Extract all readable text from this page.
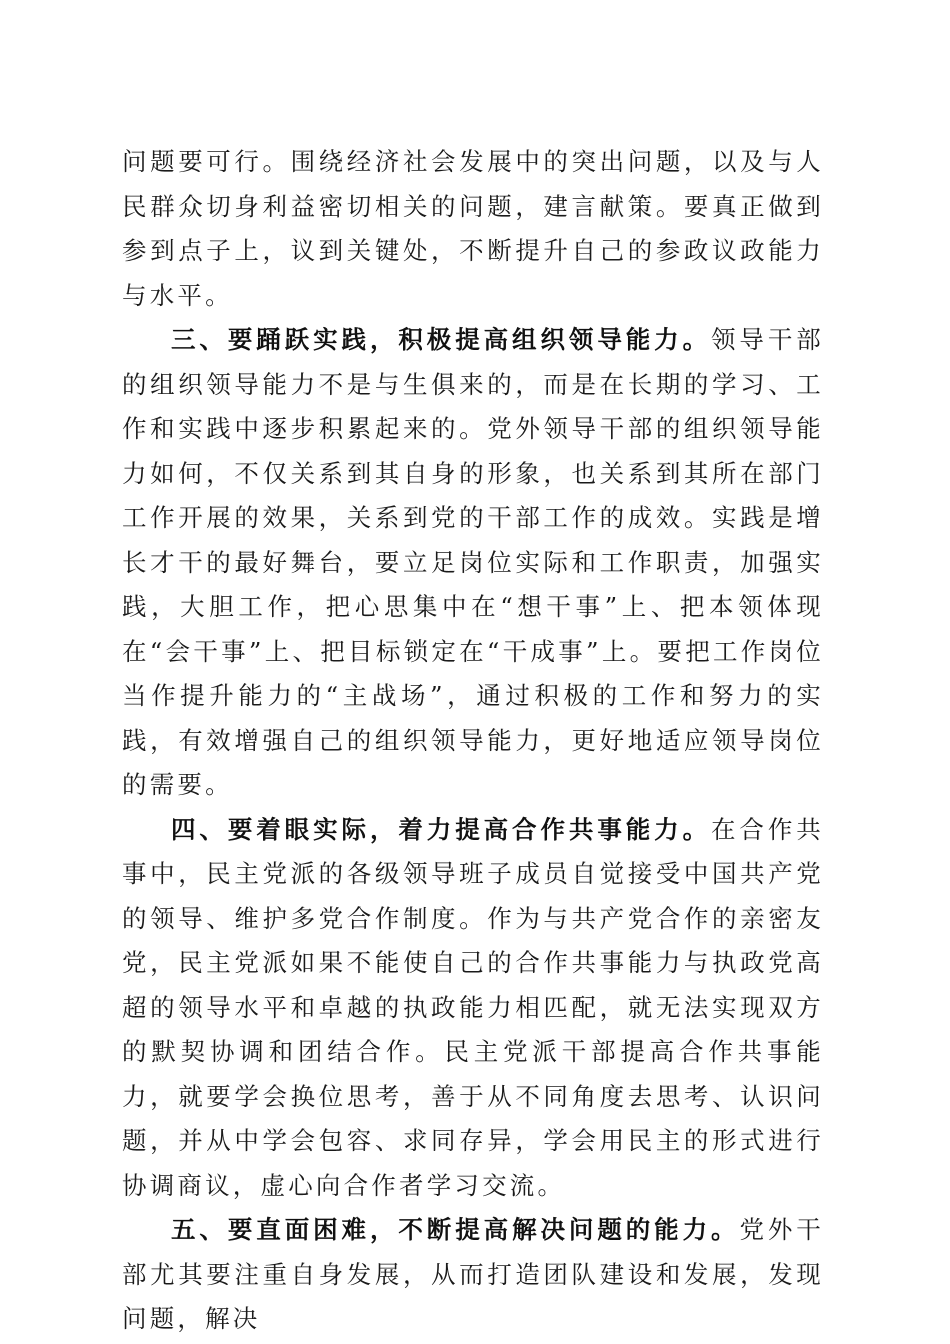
问题要可行。围绕经济社会发展中的突出问题，以及与人民群众切身利益密切相关的问题，建言献策。要真正做到参到点子上，议到关键处，不断提升自己的参政议政能力与水平。

三、要踊跃实践，积极提高组织领导能力。领导干部的组织领导能力不是与生俱来的，而是在长期的学习、工作和实践中逐步积累起来的。党外领导干部的组织领导能力如何，不仅关系到其自身的形象，也关系到其所在部门工作开展的效果，关系到党的干部工作的成效。实践是增长才干的最好舞台，要立足岗位实际和工作职责，加强实践，大胆工作，把心思集中在“想干事”上、把本领体现在“会干事”上、把目标锁定在“干成事”上。要把工作岗位当作提升能力的“主战场”，通过积极的工作和努力的实践，有效增强自己的组织领导能力，更好地适应领导岗位的需要。

四、要着眼实际，着力提高合作共事能力。在合作共事中，民主党派的各级领导班子成员自觉接受中国共产党的领导、维护多党合作制度。作为与共产党合作的亲密友党，民主党派如果不能使自己的合作共事能力与执政党高超的领导水平和卓越的执政能力相匹配，就无法实现双方的默契协调和团结合作。民主党派干部提高合作共事能力，就要学会换位思考，善于从不同角度去思考、认识问题，并从中学会包容、求同存异，学会用民主的形式进行协调商议，虚心向合作者学习交流。

五、要直面困难，不断提高解决问题的能力。党外干部尤其要注重自身发展，从而打造团队建设和发展，发现问题，解决
